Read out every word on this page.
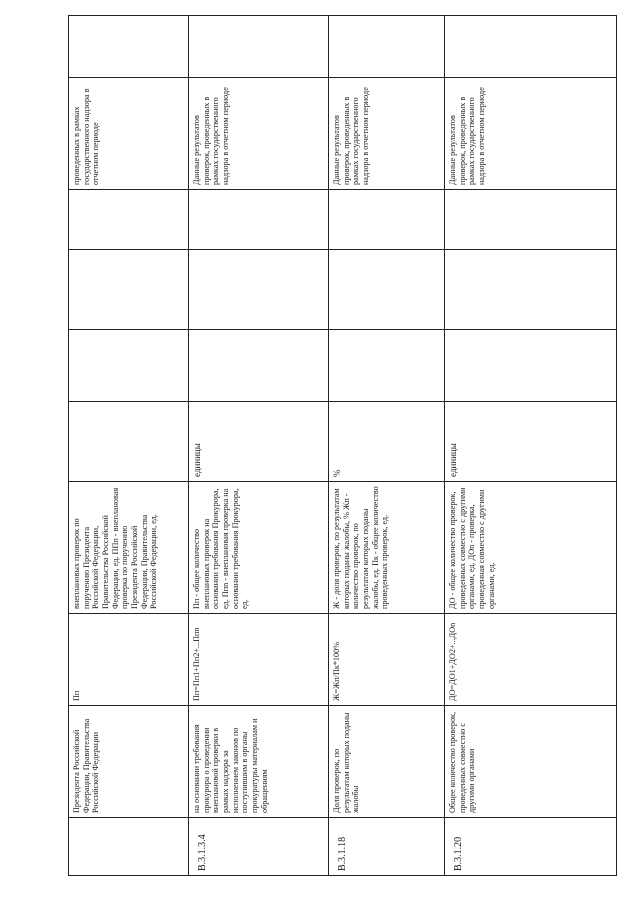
	Президента Российской Федерации, Правительства Российской Федерации	Пп	внеплановых проверок по поручению Президента Российской Федерации, Правительства Российской Федерации, ед. ППп - внеплановая проверка по поручению Президента Российской Федерации, Правительства Российской Федерации, ед.					проведенных в рамках государственного надзора в отчетном периоде	
В.3.1.3.4	на основании требования прокурора о проведении внеплановой проверки в рамках надзора за исполнением законов по поступившим в органы прокуратуры материалам и обращениям	Пп=Пп1+Пп2+...Ппn	Пп - общее количество внеплановых проверок на основании требования Прокурора, ед. Ппn - внеплановая проверка на основании требования Прокурора, ед.	единицы				Данные результатов проверок, проведенных в рамках государственного надзора в отчетном периоде	
В.3.1.18	Доля проверок, по результатам которых поданы жалобы	Ж=Жп/Пк*100%	Ж - доля проверок, по результатам которых поданы жалобы, % Жп - количество проверок, по результатам которых поданы жалобы, ед. Пк - общее количество проведенных проверок, ед.	%				Данные результатов проверок, проведенных в рамках государственного надзора в отчетном периоде	
В.3.1.20	Общее количество проверок, проведенных совместно с другими органами	ДО=ДО1+ДО2+...ДОn	ДО - общее количество проверок, проведенных совместно с другими органами, ед. ДОn - проверка, проведенная совместно с другими органами, ед.	единицы				Данные результатов проверок, проведенных в рамках государственного надзора в отчетном периоде	
